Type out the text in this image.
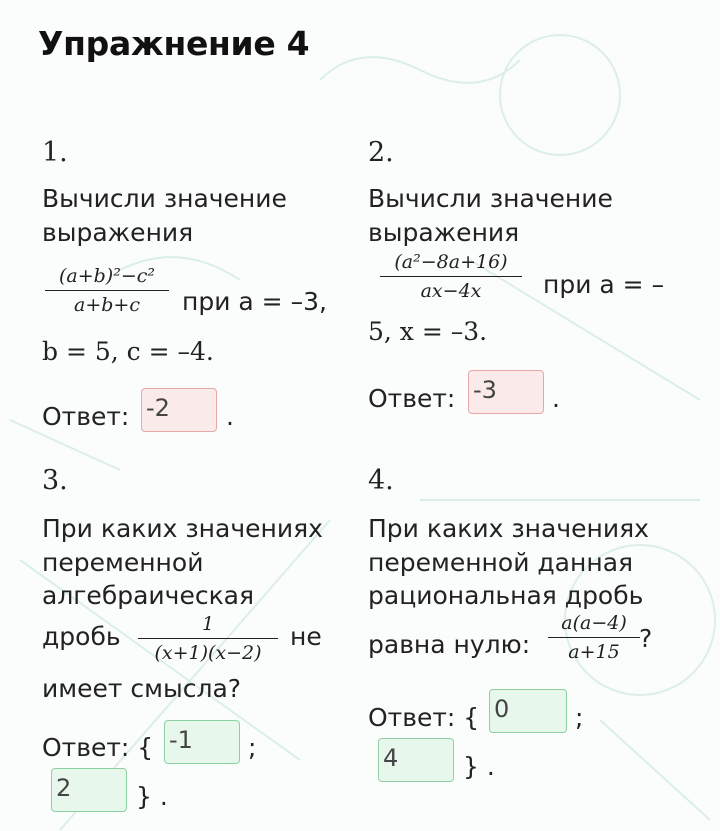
Упражнение 4
1.
Вычисли значение
выражения
$\frac{\text{(a+b)²−c²}}{a+b+c}$ при a = –3,
b = 5, c = –4.
Ответ: -2	.
2.
Вычисли значение
выражения
$\frac{\text{(a²−8a+16)}}{ax-4x}$ при a = –
5, x = –3.
Ответ: -3	.
3.
При каких значениях
переменной
алгебраическая
дробь $\frac{1}{(x+1)(x-2)}$ не
имеет смысла?
Ответ: { -1	;
2	} .
4.
При каких значениях
переменной данная
рациональная дробь
равна нулю: $\frac{a(a-4)}{a+15}$ ?
Ответ: { 0	;
4	} .
